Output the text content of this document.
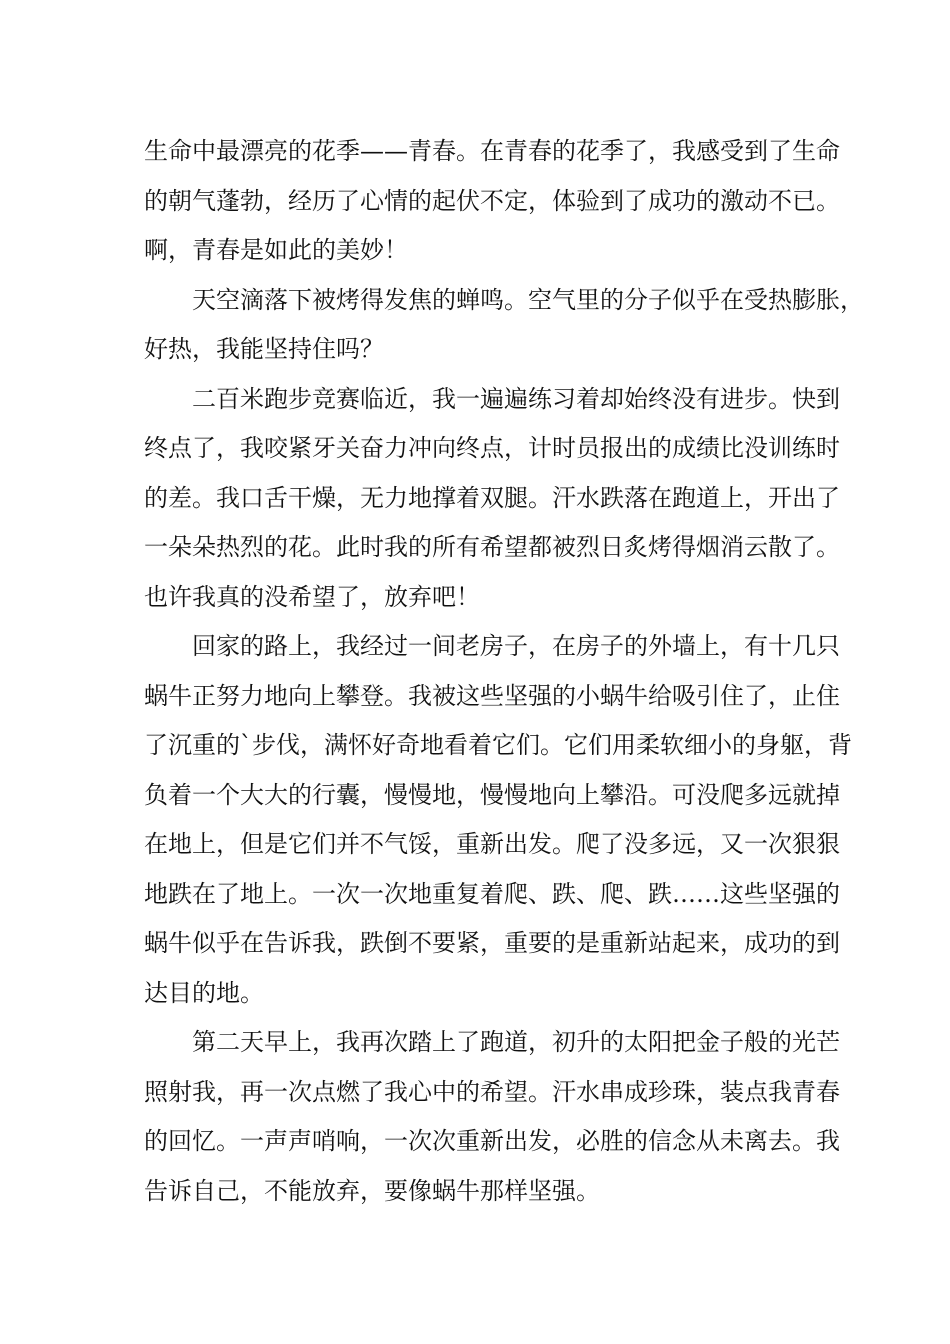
生命中最漂亮的花季——青春。在青春的花季了，我感受到了生命
的朝气蓬勃，经历了心情的起伏不定，体验到了成功的激动不已。
啊，青春是如此的美妙！

天空滴落下被烤得发焦的蝉鸣。空气里的分子似乎在受热膨胀，
好热，我能坚持住吗？

二百米跑步竞赛临近，我一遍遍练习着却始终没有进步。快到
终点了，我咬紧牙关奋力冲向终点，计时员报出的成绩比没训练时
的差。我口舌干燥，无力地撑着双腿。汗水跌落在跑道上，开出了
一朵朵热烈的花。此时我的所有希望都被烈日炙烤得烟消云散了。
也许我真的没希望了，放弃吧！

回家的路上，我经过一间老房子，在房子的外墙上，有十几只
蜗牛正努力地向上攀登。我被这些坚强的小蜗牛给吸引住了，止住
了沉重的`步伐，满怀好奇地看着它们。它们用柔软细小的身躯，背
负着一个大大的行囊，慢慢地，慢慢地向上攀沿。可没爬多远就掉
在地上，但是它们并不气馁，重新出发。爬了没多远，又一次狠狠
地跌在了地上。一次一次地重复着爬、跌、爬、跌……这些坚强的
蜗牛似乎在告诉我，跌倒不要紧，重要的是重新站起来，成功的到
达目的地。

第二天早上，我再次踏上了跑道，初升的太阳把金子般的光芒
照射我，再一次点燃了我心中的希望。汗水串成珍珠，装点我青春
的回忆。一声声哨响，一次次重新出发，必胜的信念从未离去。我
告诉自己，不能放弃，要像蜗牛那样坚强。
